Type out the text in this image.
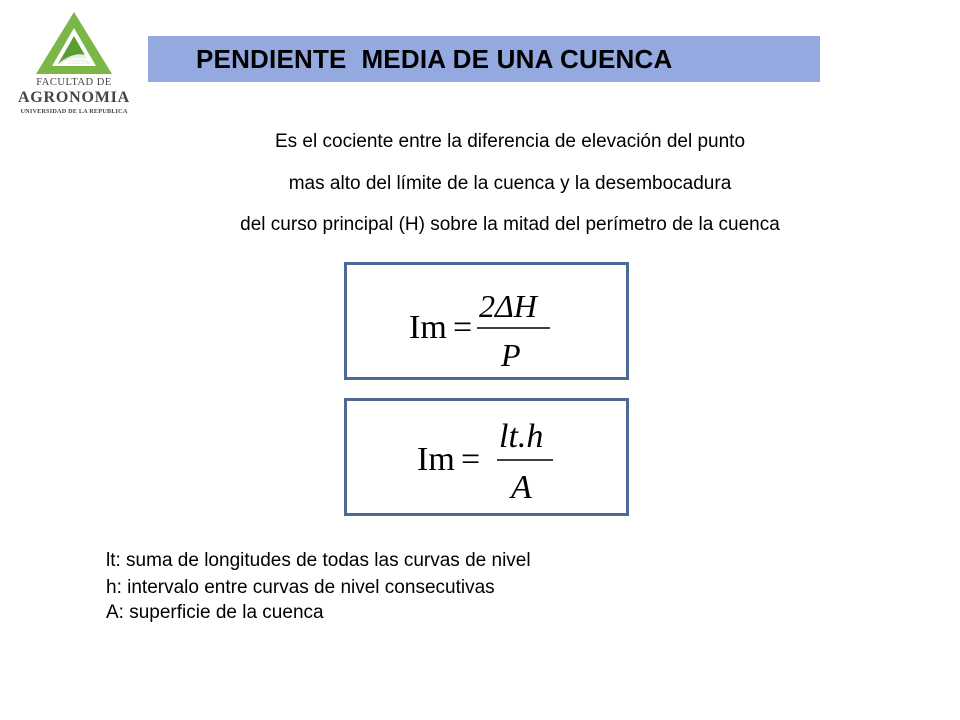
FACULTAD DE
AGRONOMIA
UNIVERSIDAD DE LA REPUBLICA
PENDIENTE  MEDIA DE UNA CUENCA
Es el cociente entre la diferencia de elevación del punto
mas alto del límite de la cuenca y la desembocadura
del curso principal (H) sobre la mitad del perímetro de la cuenca
Im =
2ΔH
P
Im =
lt.h
A
lt: suma de longitudes de todas las curvas de nivel
h: intervalo entre curvas de nivel consecutivas
A: superficie de la cuenca
